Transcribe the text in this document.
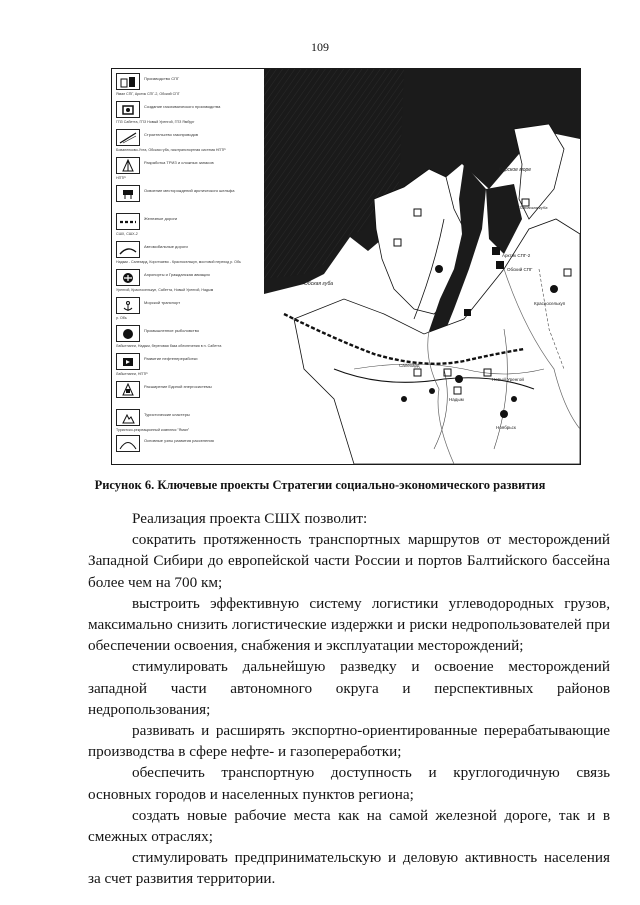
109
Производство СПГ
Ямал СПГ, Арктик СПГ-2, Обский СПГ
Создание газохимического производства
ГПЗ Сабетта, ГПЗ Новый Уренгой, ГПЗ Ямбург
Строительство газопроводов
Бованенково-Ухта, Обская губа, газотранспортная система НПТР
Разработка ТРИЗ и сложных запасов
НПТР
Освоение месторождений арктического шельфа
Железные дороги
СШХ, СШХ-2
Автомобильные дороги
Надым - Салехард, Коротчаево - Красноселькуп, мостовой переход р. Обь
Аэропорты и Гражданская авиация
Уренгой, Красноселькуп, Сабетта, Новый Уренгой, Надым
Морской транспорт
р. Обь
Промышленное рыболовство
Лабытнанги, Надым, береговая база обеспечения в п. Сабетта
Развитие нефтепереработки
Лабытнанги, НПТР
Расширение Единой энергосистемы
Туристические кластеры
Туристско-рекреационный комплекс "Ямал"
Основные узлы развития расселения
Карское море
Обская губа
Арктик СПГ-2
Обский СПГ
Тазовская губа
Салехард
Надым
Новый Уренгой
Ноябрьск
Красноселькуп
Рисунок 6. Ключевые проекты Стратегии социально-экономического развития

Реализация проекта СШХ позволит:

сократить протяженность транспортных маршрутов от месторождений Западной Сибири до европейской части России и портов Балтийского бассейна более чем на 700 км;

выстроить эффективную систему логистики углеводородных грузов, максимально снизить логистические издержки и риски недропользователей при обеспечении освоения, снабжения и эксплуатации месторождений;

стимулировать дальнейшую разведку и освоение месторождений западной части автономного округа и перспективных районов недропользования;

развивать и расширять экспортно-ориентированные перерабатывающие производства в сфере нефте- и газопереработки;

обеспечить транспортную доступность и круглогодичную связь основных городов и населенных пунктов региона;

создать новые рабочие места как на самой железной дороге, так и в смежных отраслях;

стимулировать предпринимательскую и деловую активность населения за счет развития территории.
